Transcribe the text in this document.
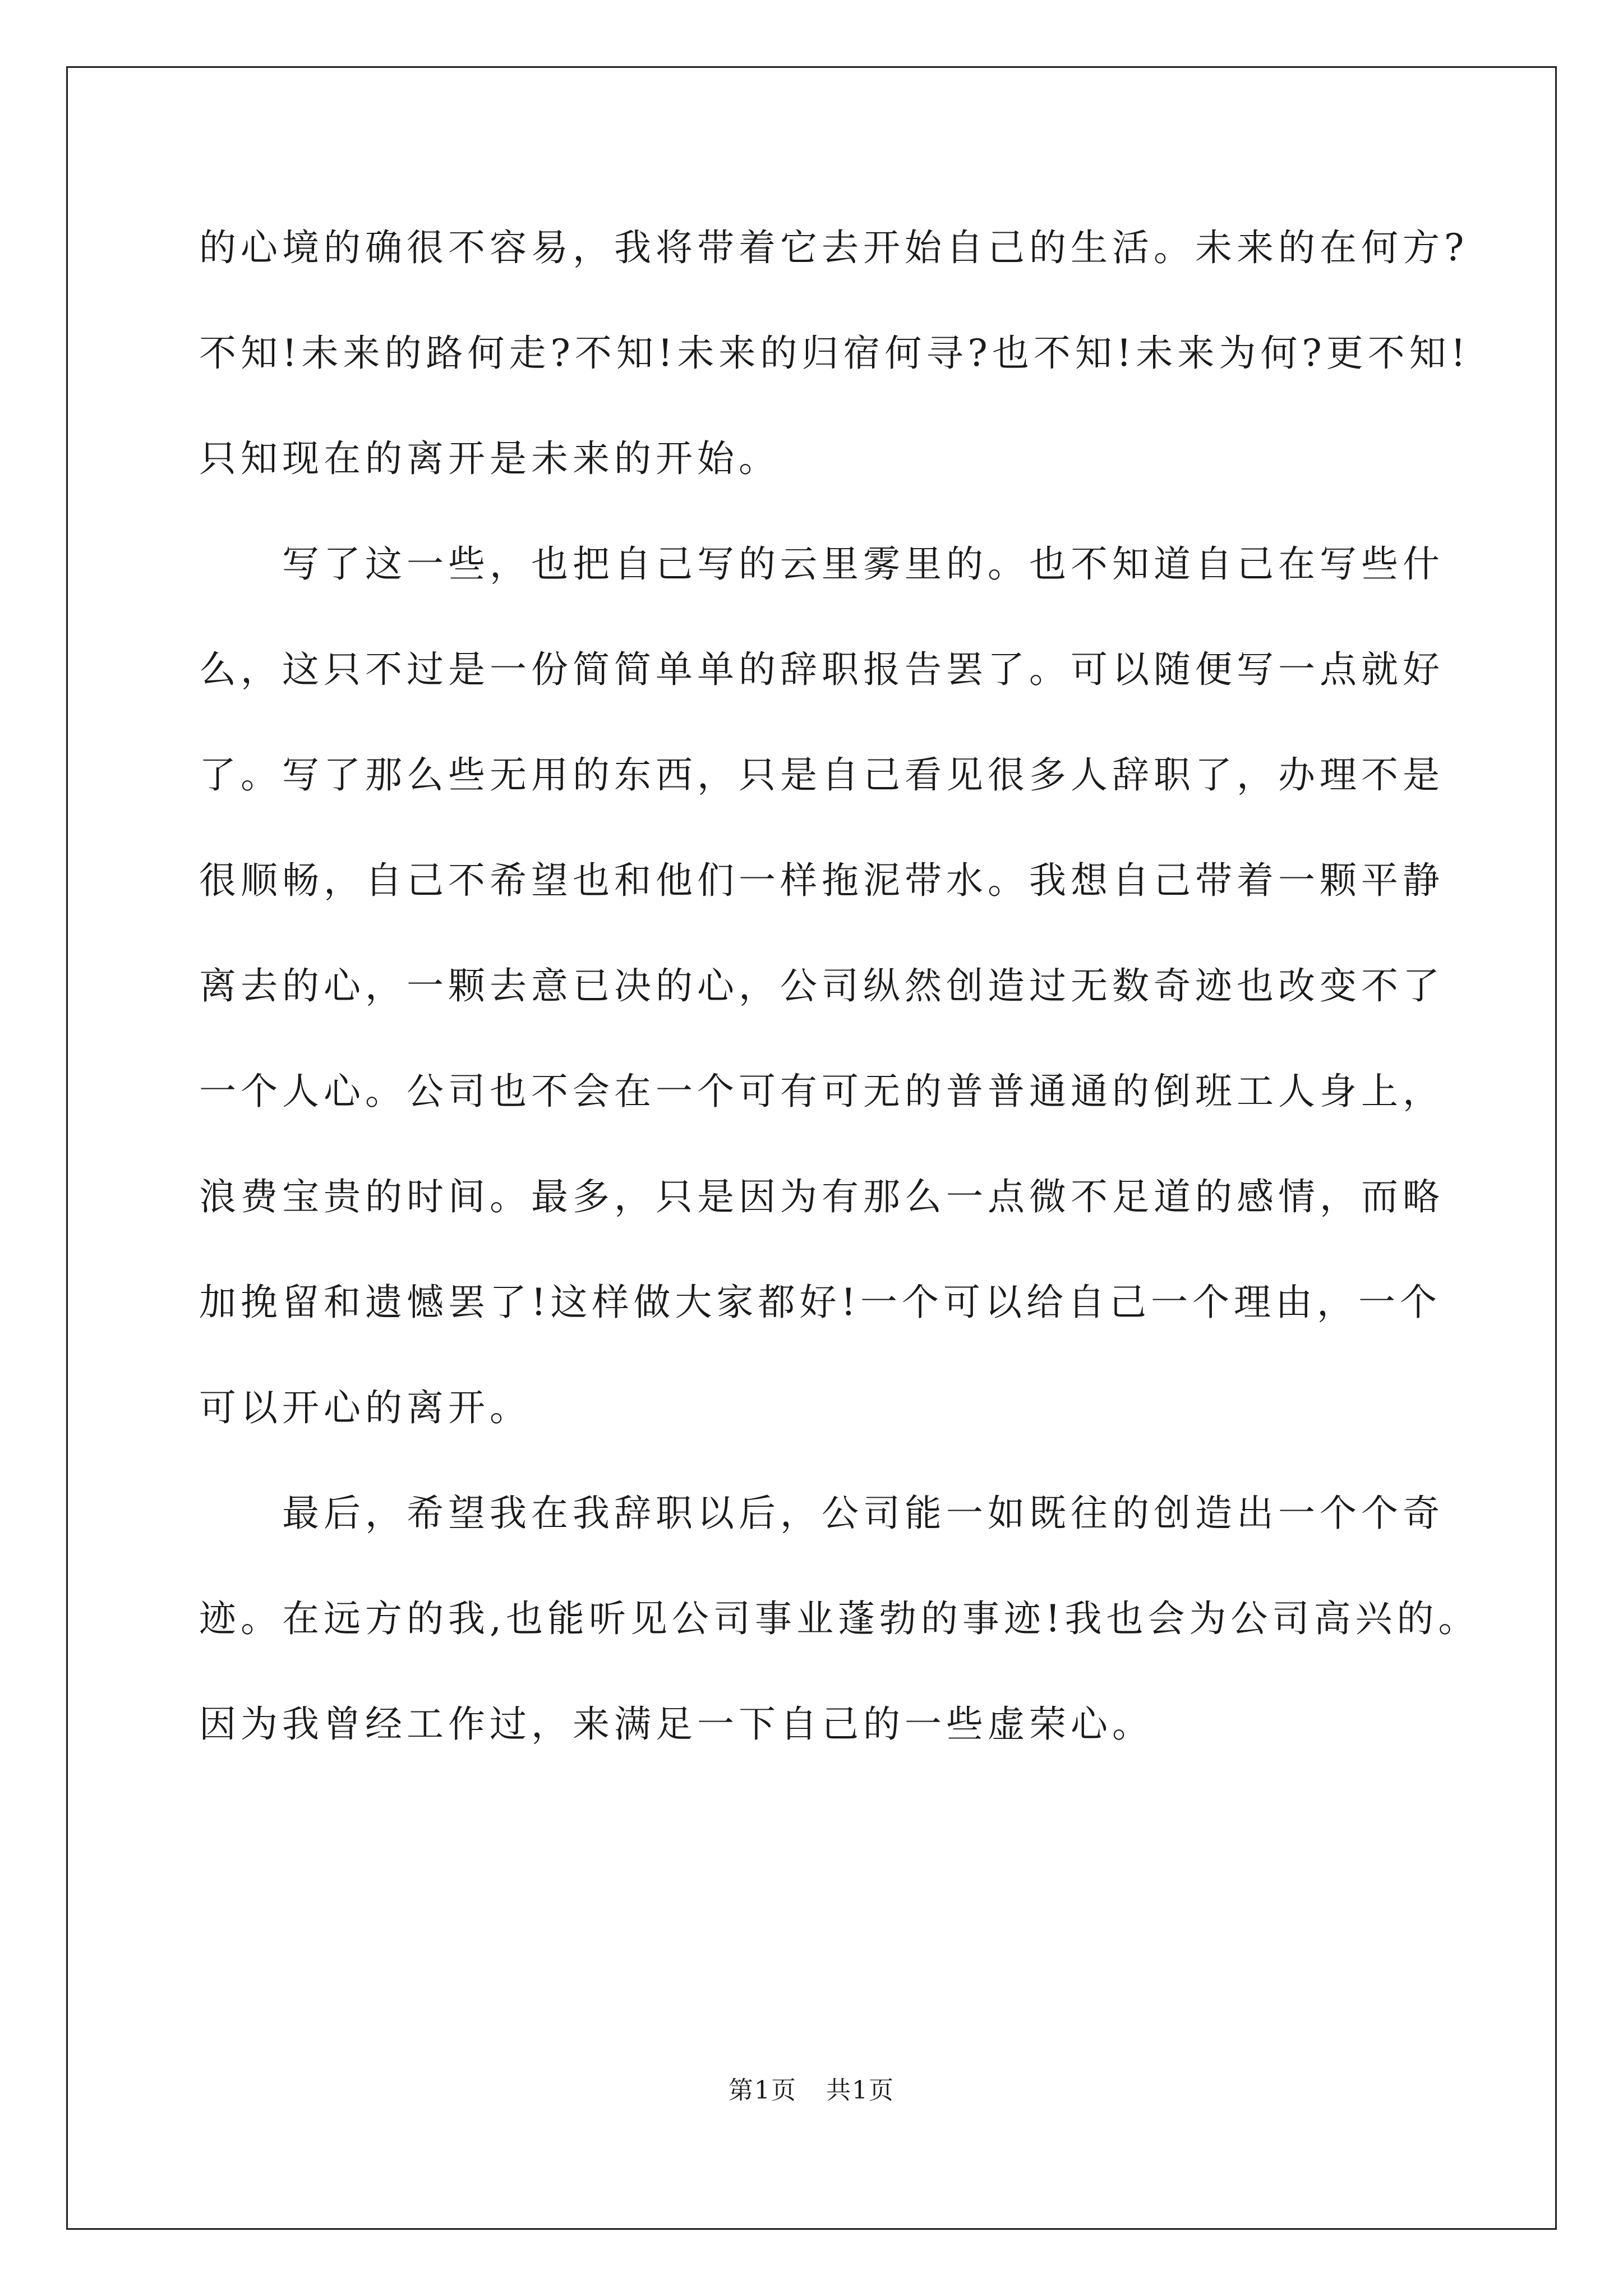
的心境的确很不容易，我将带着它去开始自己的生活。未来的在何方?
不知!未来的路何走?不知!未来的归宿何寻?也不知!未来为何?更不知!
只知现在的离开是未来的开始。
　　写了这一些，也把自己写的云里雾里的。也不知道自己在写些什
么，这只不过是一份简简单单的辞职报告罢了。可以随便写一点就好
了。写了那么些无用的东西，只是自己看见很多人辞职了，办理不是
很顺畅，自己不希望也和他们一样拖泥带水。我想自己带着一颗平静
离去的心，一颗去意已决的心，公司纵然创造过无数奇迹也改变不了
一个人心。公司也不会在一个可有可无的普普通通的倒班工人身上，
浪费宝贵的时间。最多，只是因为有那么一点微不足道的感情，而略
加挽留和遗憾罢了!这样做大家都好!一个可以给自己一个理由，一个
可以开心的离开。
　　最后，希望我在我辞职以后，公司能一如既往的创造出一个个奇
迹。在远方的我,也能听见公司事业蓬勃的事迹!我也会为公司高兴的。
因为我曾经工作过，来满足一下自己的一些虚荣心。
第1页 共1页
